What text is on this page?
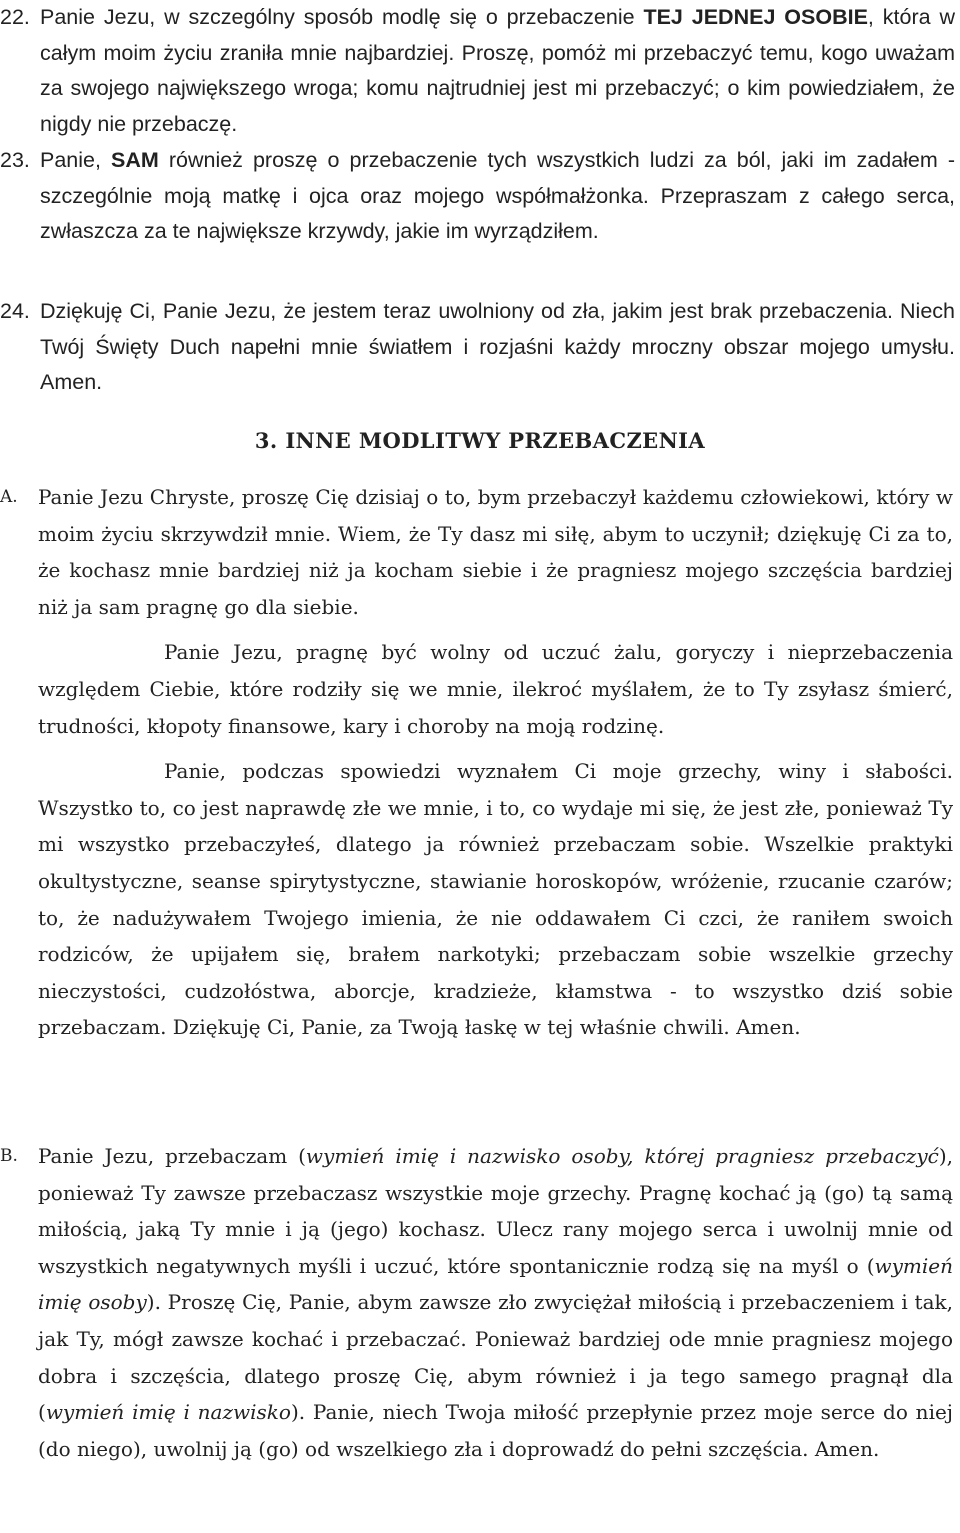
22. Panie Jezu, w szczególny sposób modlę się o przebaczenie TEJ JEDNEJ OSOBIE, która w całym moim życiu zraniła mnie najbardziej. Proszę, pomóż mi przebaczyć temu, kogo uważam za swojego największego wroga; komu najtrudniej jest mi przebaczyć; o kim powiedziałem, że nigdy nie przebaczę.

23. Panie, SAM również proszę o przebaczenie tych wszystkich ludzi za ból, jaki im zadałem - szczególnie moją matkę i ojca oraz mojego współmałżonka. Przepraszam z całego serca, zwłaszcza za te największe krzywdy, jakie im wyrządziłem.

24. Dziękuję Ci, Panie Jezu, że jestem teraz uwolniony od zła, jakim jest brak przebaczenia. Niech Twój Święty Duch napełni mnie światłem i rozjaśni każdy mroczny obszar mojego umysłu. Amen.

3. INNE MODLITWY PRZEBACZENIA

A. Panie Jezu Chryste, proszę Cię dzisiaj o to, bym przebaczył każdemu człowiekowi, który w moim życiu skrzywdził mnie. Wiem, że Ty dasz mi siłę, abym to uczynił; dziękuję Ci za to, że kochasz mnie bardziej niż ja kocham siebie i że pragniesz mojego szczęścia bardziej niż ja sam pragnę go dla siebie.

Panie Jezu, pragnę być wolny od uczuć żalu, goryczy i nieprzebaczenia względem Ciebie, które rodziły się we mnie, ilekroć myślałem, że to Ty zsyłasz śmierć, trudności, kłopoty finansowe, kary i choroby na moją rodzinę.

Panie, podczas spowiedzi wyznałem Ci moje grzechy, winy i słabości. Wszystko to, co jest naprawdę złe we mnie, i to, co wydaje mi się, że jest złe, ponieważ Ty mi wszystko przebaczyłeś, dlatego ja również przebaczam sobie. Wszelkie praktyki okultystyczne, seanse spirytystyczne, stawianie horoskopów, wróżenie, rzucanie czarów; to, że nadużywałem Twojego imienia, że nie oddawałem Ci czci, że raniłem swoich rodziców, że upijałem się, brałem narkotyki; przebaczam sobie wszelkie grzechy nieczystości, cudzołóstwa, aborcje, kradzieże, kłamstwa - to wszystko dziś sobie przebaczam. Dziękuję Ci, Panie, za Twoją łaskę w tej właśnie chwili. Amen.

B. Panie Jezu, przebaczam (wymień imię i nazwisko osoby, której pragniesz przebaczyć), ponieważ Ty zawsze przebaczasz wszystkie moje grzechy. Pragnę kochać ją (go) tą samą miłością, jaką Ty mnie i ją (jego) kochasz. Ulecz rany mojego serca i uwolnij mnie od wszystkich negatywnych myśli i uczuć, które spontanicznie rodzą się na myśl o (wymień imię osoby). Proszę Cię, Panie, abym zawsze zło zwyciężał miłością i przebaczeniem i tak, jak Ty, mógł zawsze kochać i przebaczać. Ponieważ bardziej ode mnie pragniesz mojego dobra i szczęścia, dlatego proszę Cię, abym również i ja tego samego pragnął dla (wymień imię i nazwisko). Panie, niech Twoja miłość przepłynie przez moje serce do niej (do niego), uwolnij ją (go) od wszelkiego zła i doprowadź do pełni szczęścia. Amen.
